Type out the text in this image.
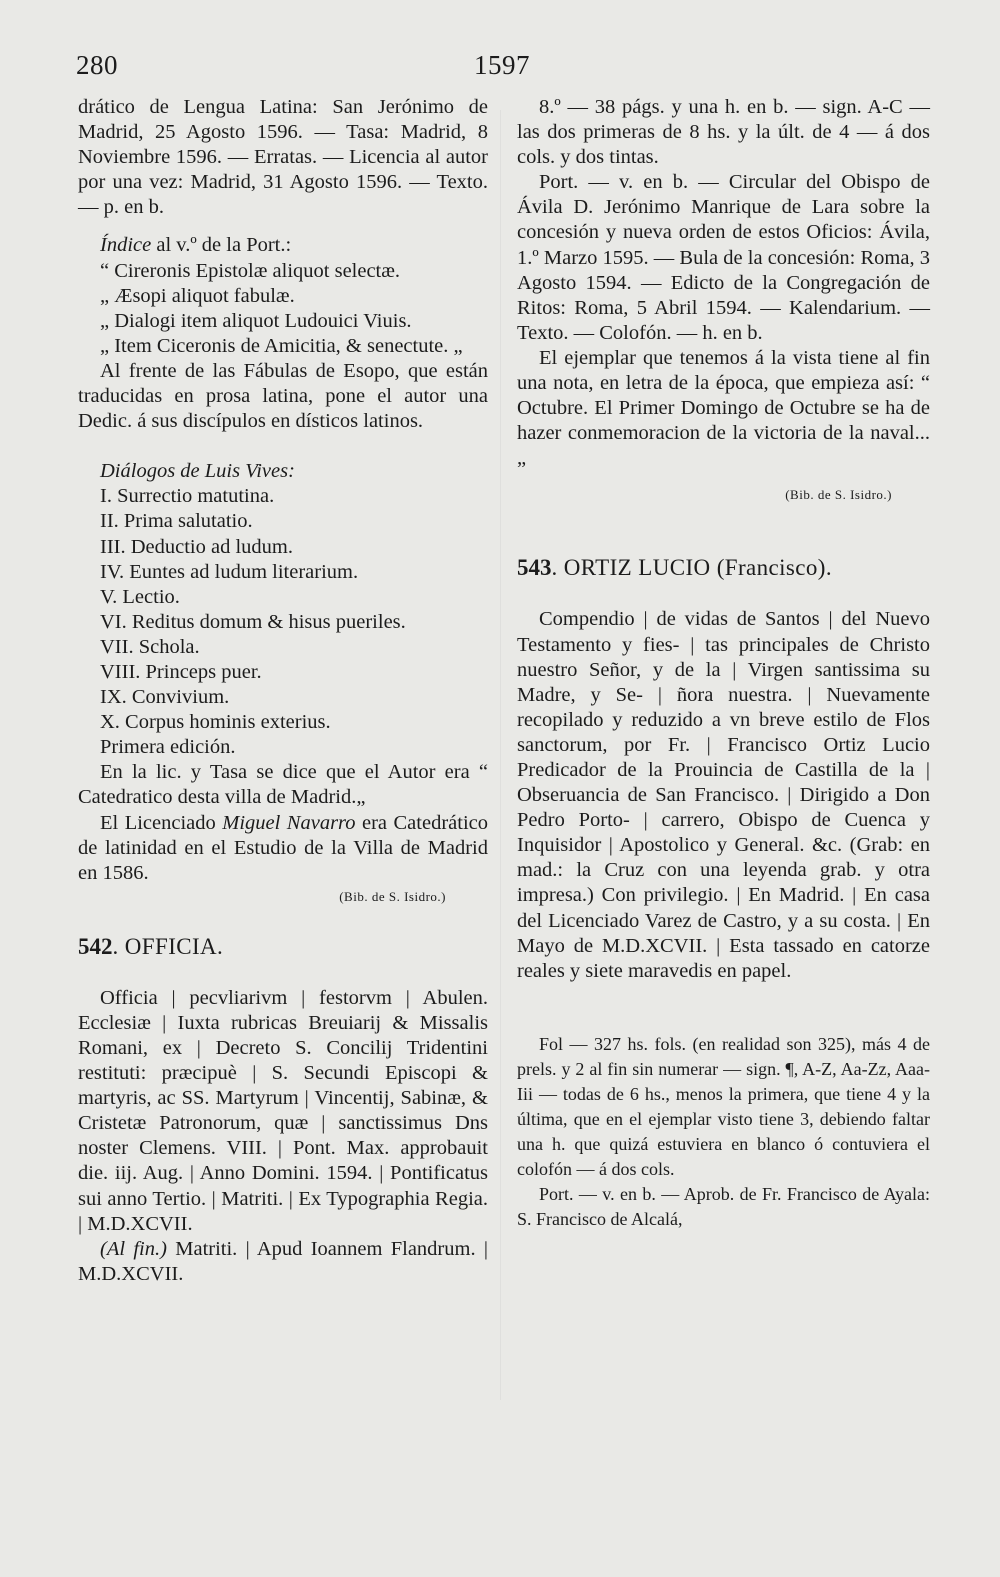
280	1597

drático de Lengua Latina: San Jerónimo de Madrid, 25 Agosto 1596. — Tasa: Madrid, 8 Noviembre 1596. — Erratas. — Licencia al autor por una vez: Madrid, 31 Agosto 1596. — Texto. — p. en b.

Índice al v.º de la Port.:

“ Cireronis Epistolæ aliquot selectæ.

„ Æsopi aliquot fabulæ.

„ Dialogi item aliquot Ludouici Viuis.

„ Item Ciceronis de Amicitia, & senectute. „

Al frente de las Fábulas de Esopo, que están traducidas en prosa latina, pone el autor una Dedic. á sus discípulos en dísticos latinos.

Diálogos de Luis Vives:

I. Surrectio matutina.

II. Prima salutatio.

III. Deductio ad ludum.

IV. Euntes ad ludum literarium.

V. Lectio.

VI. Reditus domum & hisus pueriles.

VII. Schola.

VIII. Princeps puer.

IX. Convivium.

X. Corpus hominis exterius.

Primera edición.

En la lic. y Tasa se dice que el Autor era “ Catedratico desta villa de Madrid.„

El Licenciado Miguel Navarro era Catedrático de latinidad en el Estudio de la Villa de Madrid en 1586.

(Bib. de S. Isidro.)

542. OFFICIA.

Officia | pecvliarivm | festorvm | Abulen. Ecclesiæ | Iuxta rubricas Breuiarij & Missalis Romani, ex | Decreto S. Concilij Tridentini restituti: præcipuè | S. Secundi Episcopi & martyris, ac SS. Martyrum | Vincentij, Sabinæ, & Cristetæ Patronorum, quæ | sanctissimus Dns noster Clemens. VIII. | Pont. Max. approbauit die. iij. Aug. | Anno Domini. 1594. | Pontificatus sui anno Tertio. | Matriti. | Ex Typographia Regia. | M.D.XCVII.

(Al fin.) Matriti. | Apud Ioannem Flandrum. | M.D.XCVII.

8.º — 38 págs. y una h. en b. — sign. A-C — las dos primeras de 8 hs. y la últ. de 4 — á dos cols. y dos tintas.

Port. — v. en b. — Circular del Obispo de Ávila D. Jerónimo Manrique de Lara sobre la concesión y nueva orden de estos Oficios: Ávila, 1.º Marzo 1595. — Bula de la concesión: Roma, 3 Agosto 1594. — Edicto de la Congregación de Ritos: Roma, 5 Abril 1594. — Kalendarium. — Texto. — Colofón. — h. en b.

El ejemplar que tenemos á la vista tiene al fin una nota, en letra de la época, que empieza así: “ Octubre. El Primer Domingo de Octubre se ha de hazer conmemoracion de la victoria de la naval... „

(Bib. de S. Isidro.)

543. ORTIZ LUCIO (Francisco).

Compendio | de vidas de Santos | del Nuevo Testamento y fies- | tas principales de Christo nuestro Señor, y de la | Virgen santissima su Madre, y Se- | ñora nuestra. | Nuevamente recopilado y reduzido a vn breve estilo de Flos sanctorum, por Fr. | Francisco Ortiz Lucio Predicador de la Prouincia de Castilla de la | Obseruancia de San Francisco. | Dirigido a Don Pedro Porto- | carrero, Obispo de Cuenca y Inquisidor | Apostolico y General. &c. (Grab: en mad.: la Cruz con una leyenda grab. y otra impresa.) Con privilegio. | En Madrid. | En casa del Licenciado Varez de Castro, y a su costa. | En Mayo de M.D.XCVII. | Esta tassado en catorze reales y siete maravedis en papel.

Fol — 327 hs. fols. (en realidad son 325), más 4 de prels. y 2 al fin sin numerar — sign. ¶, A-Z, Aa-Zz, Aaa-Iii — todas de 6 hs., menos la primera, que tiene 4 y la última, que en el ejemplar visto tiene 3, debiendo faltar una h. que quizá estuviera en blanco ó contuviera el colofón — á dos cols.

Port. — v. en b. — Aprob. de Fr. Francisco de Ayala: S. Francisco de Alcalá,
